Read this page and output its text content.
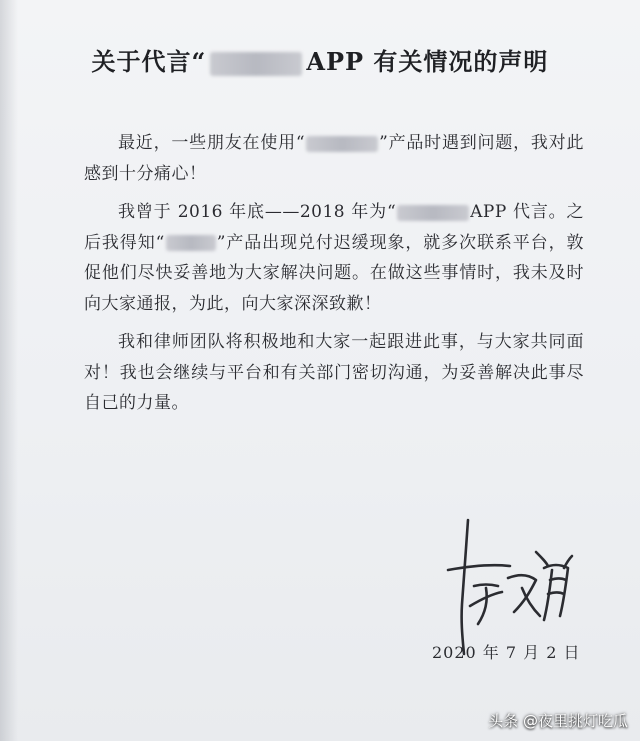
关于代言“	APP 有关情况的声明

最近，一些朋友在使用“	”产品时遇到问题，我对此感到十分痛心！

我曾于 2016 年底——2018 年为“	APP 代言。之后我得知“	”产品出现兑付迟缓现象，就多次联系平台，敦促他们尽快妥善地为大家解决问题。在做这些事情时，我未及时向大家通报，为此，向大家深深致歉！

我和律师团队将积极地和大家一起跟进此事，与大家共同面对！我也会继续与平台和有关部门密切沟通，为妥善解决此事尽自己的力量。

2020 年 7 月 2 日
头条 @夜里挑灯吃瓜
